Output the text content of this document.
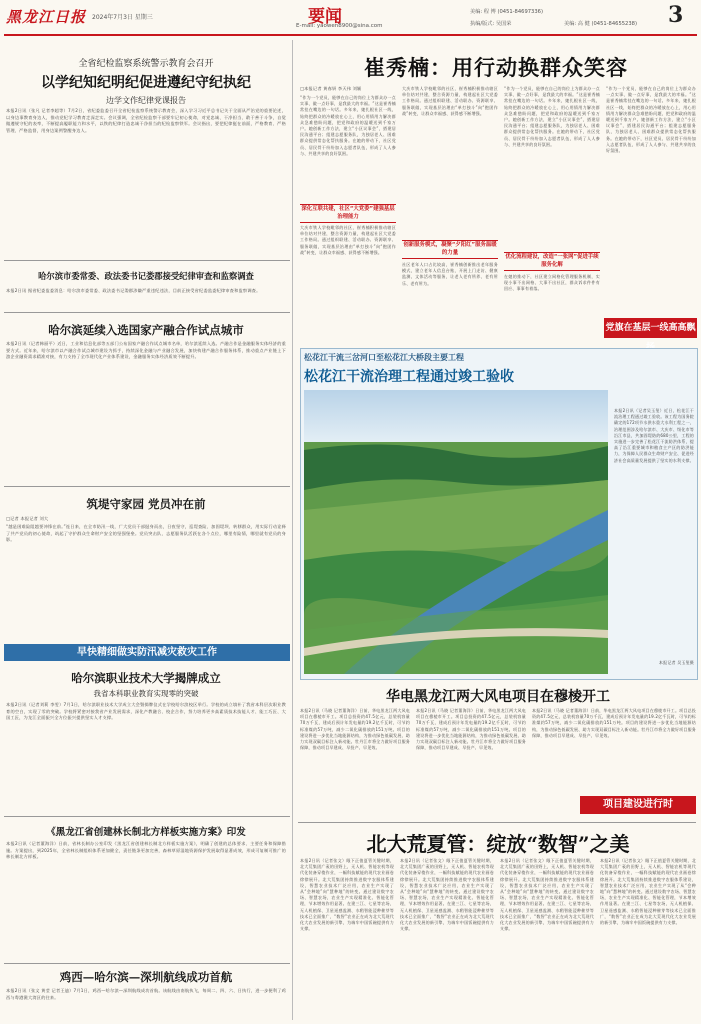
黑龙江日报 2024年7月3日 星期三	要闻
E-mail: yaowen8900@sina.com
美编: 程 博 (0451-84697336)
执编/版式: 吴国荣	美编: 高 健 (0451-84655238) 3
全省纪检监察系统警示教育会召开
以学纪知纪明纪促进遵纪守纪执纪
边学文作纪律党课报告
本报2日讯（张凡 记者李超等）7月2日，省纪委监委召开全省纪检监察系统警示教育会，深入学习习近平总书记关于全面从严治党的重要论述，以身边事教育身边人，推动党纪学习教育走深走实。会议强调，全省纪检监察干部要牢记初心使命，对党忠诚、干净担当、敢于善于斗争，自觉做遵规守纪的表率，不断提高履职能力和水平，以铁的纪律打造忠诚干净担当的纪检监察铁军。会议指出，要把纪律挺在前面，严格教育、严格管理、严格监督，用身边案例警醒身边人。
哈尔滨市委常委、政法委书记娄郡接受纪律审查和监察调查
本报2日讯 据省纪委监委消息：哈尔滨市委常委、政法委书记娄郡涉嫌严重违纪违法，目前正接受省纪委监委纪律审查和监察调查。
哈尔滨延续入选国家产融合作试点城市
本报2日讯（记者韩丽平）近日，工业和信息化部等五部门公布国家产融合作试点城市名单，哈尔滨延续入选。产融合作是金融服务实体经济的重要方式。近年来，哈尔滨市以产融合作试点城市建设为抓手，持续深化金融与产业融合发展，加快构建产融合作服务体系，推动重点产业链上下游企业融资需求精准对接，有力支持了全市现代化产业体系建设，金融服务实体经济质效不断提升。
筑堤守家园 党员冲在前
□记者 本报记者 刘大
“越是困难险阻越要冲锋在前。”连日来，在全市防汛一线，广大党员干部挺身而出，日夜坚守，巡堤查险、加固堤坝、转移群众，用实际行动诠释了共产党员的初心使命，筑起了守护群众生命财产安全的坚强堡垒。党员突击队、志愿服务队活跃在各个点位，哪里有险情，哪里就有党员的身影。
早快精细做实防汛减灾救灾工作
哈尔滨职业技术大学揭牌成立
我省本科职业教育实现零的突破
本报2日讯（记者刘莉 李雯）7月1日，哈尔滨职业技术大学成立大会暨揭牌仪式在学校哈尔滨校区举行。学校的成立填补了我省本科层次职业教育的空白，实现了零的突破。学校将紧密对接我省产业发展需求，深化产教融合、校企合作，努力培养更多高素质技术技能人才、能工巧匠、大国工匠，为龙江全面振兴全方位振兴提供坚实人才支撑。
《黑龙江省创建林长制北方样板实施方案》印发
本报2日讯（记者董海洋）日前，省林长制办公室印发《黑龙江省创建林长制北方样板实施方案》，明确了创建的总体要求、主要任务和保障措施。方案提出，到2025年，全省林长制组织体系更加健全，责任链条更加完善，森林草原湿地资源保护发展取得显著成效，形成可复制可推广的林长制北方样板。
鸡西—哈尔滨—深圳航线成功首航
本报2日讯（张文 黄莹 记者王迪）7月1日，鸡西—哈尔滨—深圳航线成功首航。该航线由南航执飞，每周二、四、六、日执行，进一步便利了鸡西与粤港澳大湾区的往来。
崔秀楠：用行动换群众笑容
□本报记者 黄春妍 李天伟 刘颖
“作为一个党员，能够在自己的岗位上为群众办一点实事、做一点好事，是我最大的幸福。”这是崔秀楠常挂在嘴边的一句话。多年来，她扎根社区一线，始终把群众的冷暖放在心上，用心用情用力解决群众急难愁盼问题，把党和政府的温暖送到千家万户。她创新工作方法，建立“小区议事会”，搭建居民沟通平台；组建志愿服务队，为独居老人、困难群众提供常态化帮扶服务。在她的带动下，社区党员、居民骨干纷纷加入志愿者队伍，形成了人人参与、共建共享的良好氛围。
深化互联共建，社区“大党委”建强基层治理能力
大庆市铁人学校毗邻的社区，崔秀楠积极推动辖区单位结对共建，整合资源力量，构建起社区大党委工作格局。通过组织联建、活动联办、资源联享、服务联做，实现基层治理由“单打独斗”向“抱团作战”转变，让群众幸福感、获得感不断增强。
大庆市铁人学校毗邻的社区，崔秀楠积极推动辖区单位结对共建，整合资源力量，构建起社区大党委工作格局。通过组织联建、活动联办、资源联享、服务联做，实现基层治理由“单打独斗”向“抱团作战”转变，让群众幸福感、获得感不断增强。
创新服务模式，凝聚“夕阳红”服务温暖的力量
社区老年人口占比较高，崔秀楠创新推出老年服务模式，建立老年人信息台账，开展上门走访、健康监测、文体活动等服务，让老人老有所养、老有所乐、老有所为。
“作为一个党员，能够在自己的岗位上为群众办一点实事、做一点好事，是我最大的幸福。”这是崔秀楠常挂在嘴边的一句话。多年来，她扎根社区一线，始终把群众的冷暖放在心上，用心用情用力解决群众急难愁盼问题，把党和政府的温暖送到千家万户。她创新工作方法，建立“小区议事会”，搭建居民沟通平台；组建志愿服务队，为独居老人、困难群众提供常态化帮扶服务。在她的带动下，社区党员、居民骨干纷纷加入志愿者队伍，形成了人人参与、共建共享的良好氛围。
优化流程建设，改造“一张网”促进手续服务化解
在她的推动下，社区建立网格化管理服务机制，实现小事不出网格、大事不出社区，群众诉求件件有回应、事事有着落。
“作为一个党员，能够在自己的岗位上为群众办一点实事、做一点好事，是我最大的幸福。”这是崔秀楠常挂在嘴边的一句话。多年来，她扎根社区一线，始终把群众的冷暖放在心上，用心用情用力解决群众急难愁盼问题，把党和政府的温暖送到千家万户。她创新工作方法，建立“小区议事会”，搭建居民沟通平台；组建志愿服务队，为独居老人、困难群众提供常态化帮扶服务。在她的带动下，社区党员、居民骨干纷纷加入志愿者队伍，形成了人人参与、共建共享的良好氛围。
党旗在基层一线高高飘
松花江干流三岔河口至松花江大桥段主要工程
松花江干流治理工程通过竣工验收
本报2日讯（记者吴玉玺）近日，松花江干流治理工程通过竣工验收。该工程为国务院确定的172项节水供水重大水利工程之一，治理范围涉及哈尔滨市、大庆市、绥化市等沿江市县，共加固堤防约680公里，工程的实施进一步完善了松花江干流防洪体系，提高了沿江重要城市和粮食主产区的防洪能力，为保障人民群众生命财产安全、促进经济社会高质量发展提供了坚实的水利支撑。
本报记者 吴玉玺摄
华电黑龙江两大风电项目在穆棱开工
本报2日讯（马晓 记者董海洋）日前，华电黑龙江两大风电项目在穆棱市开工。项目总投资约47.5亿元，总装机容量70万千瓦，建成后预计年发电量约19.2亿千瓦时，可节约标准煤约57万吨，减少二氧化碳排放约151万吨。项目的建设将进一步优化当地能源结构，为推动绿色低碳发展、助力实现双碳目标注入新动能。牡丹江市将全力做好项目服务保障，推动项目早建成、早投产、早见效。
本报2日讯（马晓 记者董海洋）日前，华电黑龙江两大风电项目在穆棱市开工。项目总投资约47.5亿元，总装机容量70万千瓦，建成后预计年发电量约19.2亿千瓦时，可节约标准煤约57万吨，减少二氧化碳排放约151万吨。项目的建设将进一步优化当地能源结构，为推动绿色低碳发展、助力实现双碳目标注入新动能。牡丹江市将全力做好项目服务保障，推动项目早建成、早投产、早见效。
本报2日讯（马晓 记者董海洋）日前，华电黑龙江两大风电项目在穆棱市开工。项目总投资约47.5亿元，总装机容量70万千瓦，建成后预计年发电量约19.2亿千瓦时，可节约标准煤约57万吨，减少二氧化碳排放约151万吨。项目的建设将进一步优化当地能源结构，为推动绿色低碳发展、助力实现双碳目标注入新动能。牡丹江市将全力做好项目服务保障，推动项目早建成、早投产、早见效。
项目建设进行时
北大荒夏管：绽放“数智”之美
本报2日讯（记者张文）眼下正值夏管关键时期，北大荒集团广袤的田野上，无人机、智能农机等现代化装备穿梭作业，一幅科技赋能的现代农业画卷徐徐展开。北大荒集团持续推进数字农服体系建设，智慧农业技术广泛应用，农业生产实现了从“会种地”向“慧种地”的转变。通过建设数字农场、智慧农场，农业生产实现精准化、智能化管理，节本增效作用显著。在建三江、七星等农场，无人机植保、卫星遥感监测、水稻智能浸种催芽等技术已全面推广，“数智”农业正在成为北大荒现代化大农业发展的新引擎，为端牢中国饭碗提供有力支撑。
本报2日讯（记者张文）眼下正值夏管关键时期，北大荒集团广袤的田野上，无人机、智能农机等现代化装备穿梭作业，一幅科技赋能的现代农业画卷徐徐展开。北大荒集团持续推进数字农服体系建设，智慧农业技术广泛应用，农业生产实现了从“会种地”向“慧种地”的转变。通过建设数字农场、智慧农场，农业生产实现精准化、智能化管理，节本增效作用显著。在建三江、七星等农场，无人机植保、卫星遥感监测、水稻智能浸种催芽等技术已全面推广，“数智”农业正在成为北大荒现代化大农业发展的新引擎，为端牢中国饭碗提供有力支撑。
本报2日讯（记者张文）眼下正值夏管关键时期，北大荒集团广袤的田野上，无人机、智能农机等现代化装备穿梭作业，一幅科技赋能的现代农业画卷徐徐展开。北大荒集团持续推进数字农服体系建设，智慧农业技术广泛应用，农业生产实现了从“会种地”向“慧种地”的转变。通过建设数字农场、智慧农场，农业生产实现精准化、智能化管理，节本增效作用显著。在建三江、七星等农场，无人机植保、卫星遥感监测、水稻智能浸种催芽等技术已全面推广，“数智”农业正在成为北大荒现代化大农业发展的新引擎，为端牢中国饭碗提供有力支撑。
本报2日讯（记者张文）眼下正值夏管关键时期，北大荒集团广袤的田野上，无人机、智能农机等现代化装备穿梭作业，一幅科技赋能的现代农业画卷徐徐展开。北大荒集团持续推进数字农服体系建设，智慧农业技术广泛应用，农业生产实现了从“会种地”向“慧种地”的转变。通过建设数字农场、智慧农场，农业生产实现精准化、智能化管理，节本增效作用显著。在建三江、七星等农场，无人机植保、卫星遥感监测、水稻智能浸种催芽等技术已全面推广，“数智”农业正在成为北大荒现代化大农业发展的新引擎，为端牢中国饭碗提供有力支撑。
